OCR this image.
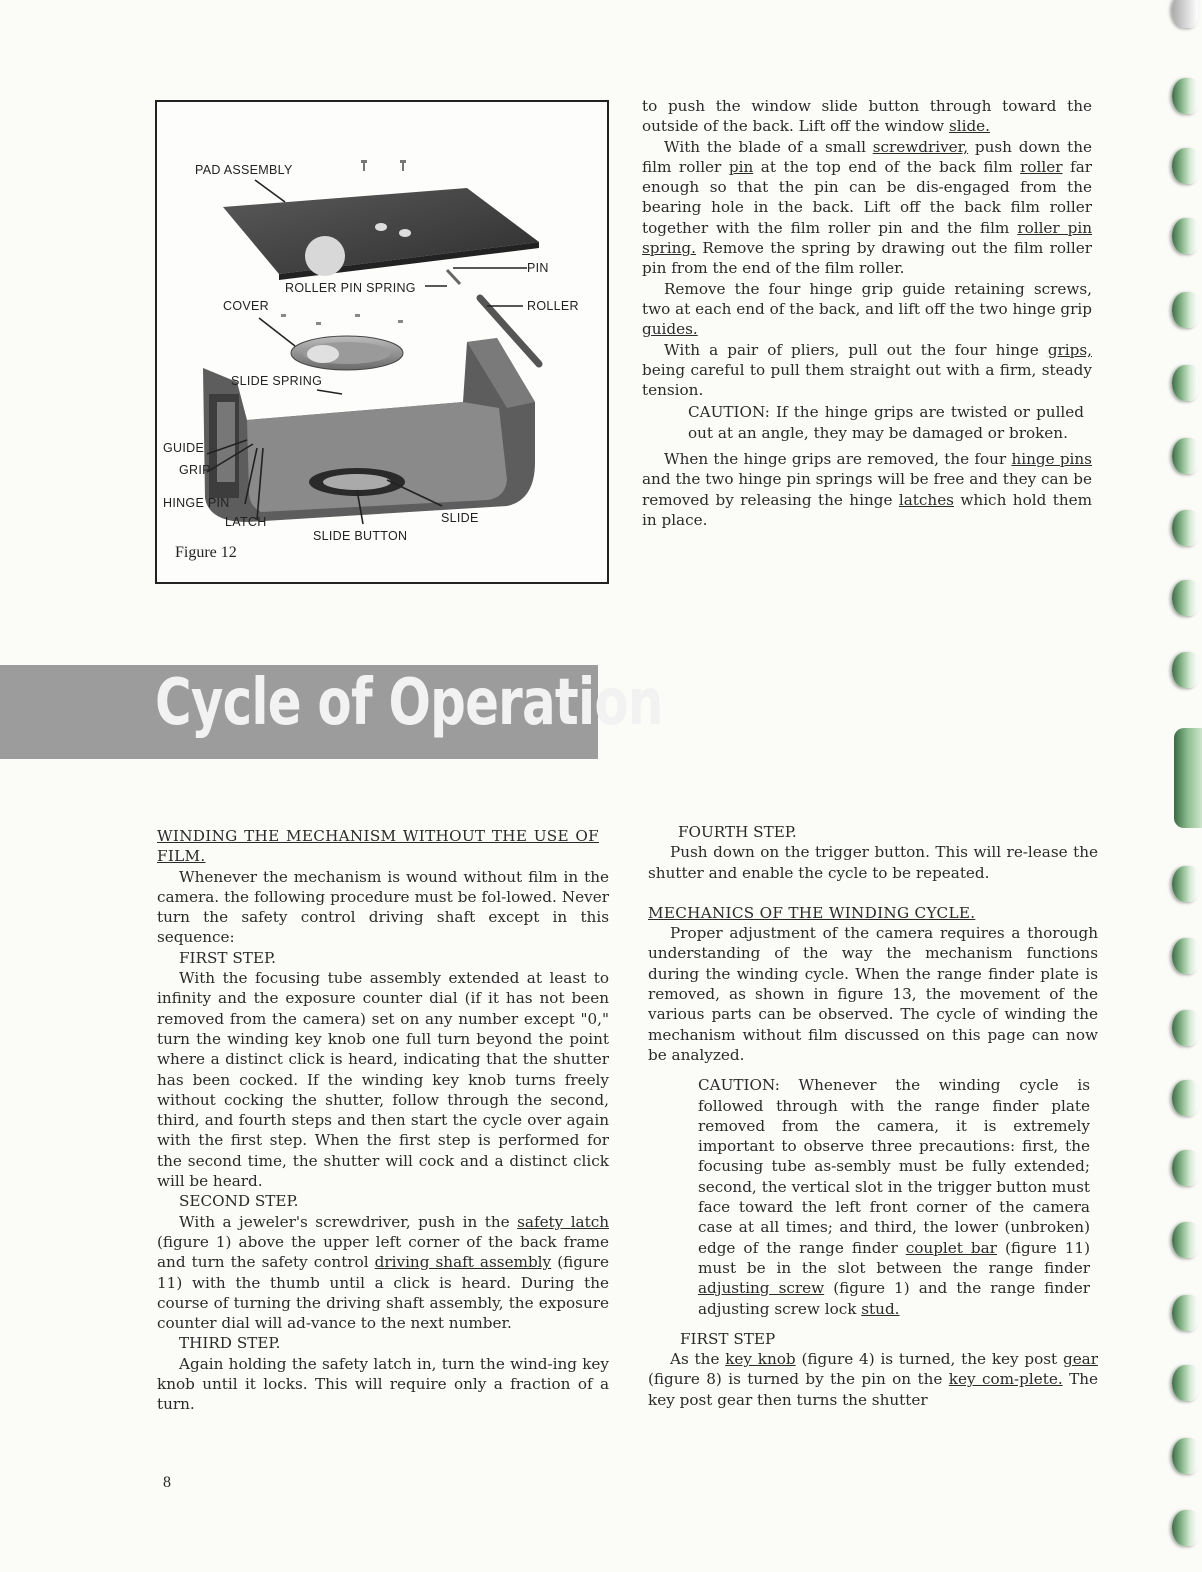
PAD ASSEMBLY
PIN
ROLLER PIN SPRING
COVER	ROLLER
SLIDE SPRING
GUIDE
GRIP
HINGE PIN
LATCH	SLIDE
SLIDE BUTTON
Figure 12

to push the window slide button through toward the outside of the back. Lift off the window slide.

With the blade of a small screwdriver, push down the film roller pin at the top end of the back film roller far enough so that the pin can be dis-engaged from the bearing hole in the back. Lift off the back film roller together with the film roller pin and the film roller pin spring. Remove the spring by drawing out the film roller pin from the end of the film roller.

Remove the four hinge grip guide retaining screws, two at each end of the back, and lift off the two hinge grip guides.

With a pair of pliers, pull out the four hinge grips, being careful to pull them straight out with a firm, steady tension.

CAUTION: If the hinge grips are twisted or pulled out at an angle, they may be damaged or broken.

When the hinge grips are removed, the four hinge pins and the two hinge pin springs will be free and they can be removed by releasing the hinge latches which hold them in place.

Cycle of Operation

WINDING THE MECHANISM WITHOUT THE USE OF FILM.

Whenever the mechanism is wound without film in the camera. the following procedure must be fol-lowed. Never turn the safety control driving shaft except in this sequence:

FIRST STEP.

With the focusing tube assembly extended at least to infinity and the exposure counter dial (if it has not been removed from the camera) set on any number except "0," turn the winding key knob one full turn beyond the point where a distinct click is heard, indicating that the shutter has been cocked. If the winding key knob turns freely without cocking the shutter, follow through the second, third, and fourth steps and then start the cycle over again with the first step. When the first step is performed for the second time, the shutter will cock and a distinct click will be heard.

SECOND STEP.

With a jeweler's screwdriver, push in the safety latch (figure 1) above the upper left corner of the back frame and turn the safety control driving shaft assembly (figure 11) with the thumb until a click is heard. During the course of turning the driving shaft assembly, the exposure counter dial will ad-vance to the next number.

THIRD STEP.

Again holding the safety latch in, turn the wind-ing key knob until it locks. This will require only a fraction of a turn.

FOURTH STEP.

Push down on the trigger button. This will re-lease the shutter and enable the cycle to be repeated.

MECHANICS OF THE WINDING CYCLE.

Proper adjustment of the camera requires a thorough understanding of the way the mechanism functions during the winding cycle. When the range finder plate is removed, as shown in figure 13, the movement of the various parts can be observed. The cycle of winding the mechanism without film discussed on this page can now be analyzed.

CAUTION: Whenever the winding cycle is followed through with the range finder plate removed from the camera, it is extremely important to observe three precautions: first, the focusing tube as-sembly must be fully extended; second, the vertical slot in the trigger button must face toward the left front corner of the camera case at all times; and third, the lower (unbroken) edge of the range finder couplet bar (figure 11) must be in the slot between the range finder adjusting screw (figure 1) and the range finder adjusting screw lock stud.

FIRST STEP

As the key knob (figure 4) is turned, the key post gear (figure 8) is turned by the pin on the key com-plete. The key post gear then turns the shutter

8
